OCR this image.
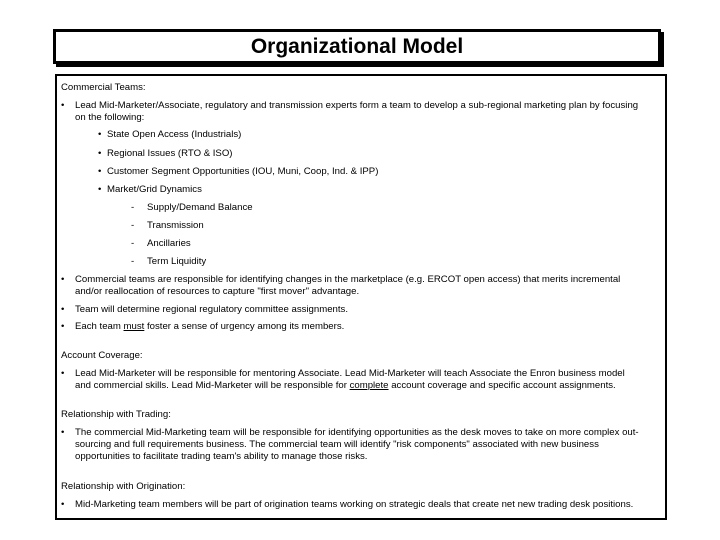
Organizational Model
Commercial Teams:
• Lead Mid-Marketer/Associate, regulatory and transmission experts form a team to develop a sub-regional marketing plan by focusing
on the following:
• State Open Access (Industrials)
• Regional Issues (RTO & ISO)
• Customer Segment Opportunities (IOU, Muni, Coop, Ind. & IPP)
• Market/Grid Dynamics
- Supply/Demand Balance
- Transmission
- Ancillaries
- Term Liquidity
• Commercial teams are responsible for identifying changes in the marketplace (e.g. ERCOT open access) that merits incremental
and/or reallocation of resources to capture "first mover" advantage.
• Team will determine regional regulatory committee assignments.
• Each team must foster a sense of urgency among its members.
Account Coverage:
• Lead Mid-Marketer will be responsible for mentoring Associate. Lead Mid-Marketer will teach Associate the Enron business model
and commercial skills. Lead Mid-Marketer will be responsible for complete account coverage and specific account assignments.
Relationship with Trading:
• The commercial Mid-Marketing team will be responsible for identifying opportunities as the desk moves to take on more complex out-
sourcing and full requirements business. The commercial team will identify "risk components" associated with new business
opportunities to facilitate trading team's ability to manage those risks.
Relationship with Origination:
• Mid-Marketing team members will be part of origination teams working on strategic deals that create net new trading desk positions.
